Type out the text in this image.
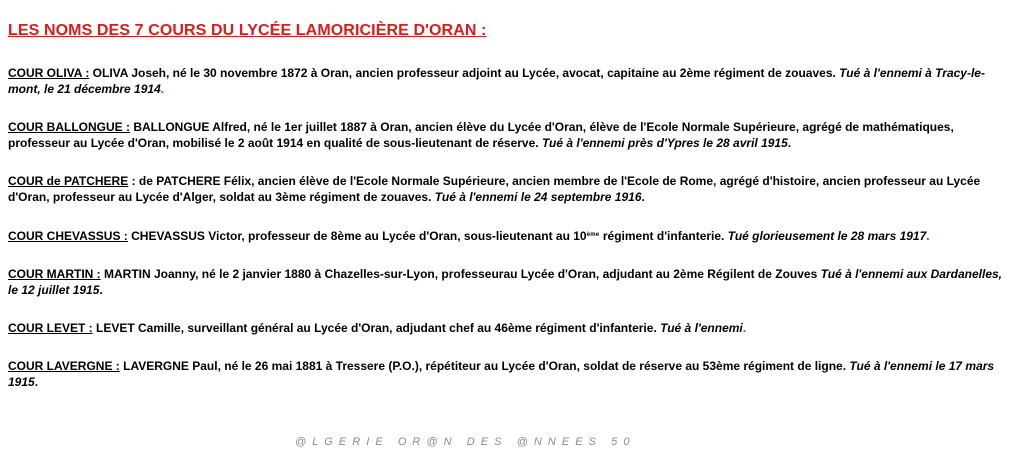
LES NOMS DES 7 COURS DU LYCÉE LAMORICIÈRE D'ORAN :
COUR OLIVA : OLIVA Joseh, né le 30 novembre 1872 à Oran, ancien professeur adjoint au Lycée, avocat, capitaine au 2ème régiment de zouaves. Tué à l'ennemi à Tracy-le-mont, le 21 décembre 1914.
COUR BALLONGUE : BALLONGUE Alfred, né le 1er juillet 1887 à Oran, ancien élève du Lycée d'Oran, élève de l'Ecole Normale Supérieure, agrégé de mathématiques, professeur au Lycée d'Oran, mobilisé le 2 août 1914 en qualité de sous-lieutenant de réserve. Tué à l'ennemi près d'Ypres le 28 avril 1915.
COUR de PATCHERE : de PATCHERE Félix, ancien élève de l'Ecole Normale Supérieure, ancien membre de l'Ecole de Rome, agrégé d'histoire, ancien professeur au Lycée d'Oran, professeur au Lycée d'Alger, soldat au 3ème régiment de zouaves. Tué à l'ennemi le 24 septembre 1916.
COUR CHEVASSUS : CHEVASSUS Victor, professeur de 8ème au Lycée d'Oran, sous-lieutenant au 10ème régiment d'infanterie. Tué glorieusement le 28 mars 1917.
COUR MARTIN : MARTIN Joanny, né le 2 janvier 1880 à Chazelles-sur-Lyon, professeurau Lycée d'Oran, adjudant au 2ème Régilent de Zouves Tué à l'ennemi aux Dardanelles, le 12 juillet 1915.
COUR LEVET : LEVET Camille, surveillant général au Lycée d'Oran, adjudant chef au 46ème régiment d'infanterie. Tué à l'ennemi.
COUR LAVERGNE : LAVERGNE Paul, né le 26 mai 1881 à Tressere (P.O.), répétiteur au Lycée d'Oran, soldat de réserve au 53ème régiment de ligne. Tué à l'ennemi le 17 mars 1915.
@ L G E R I E   O R @ N   D E S   @ N N E E S   5 0
